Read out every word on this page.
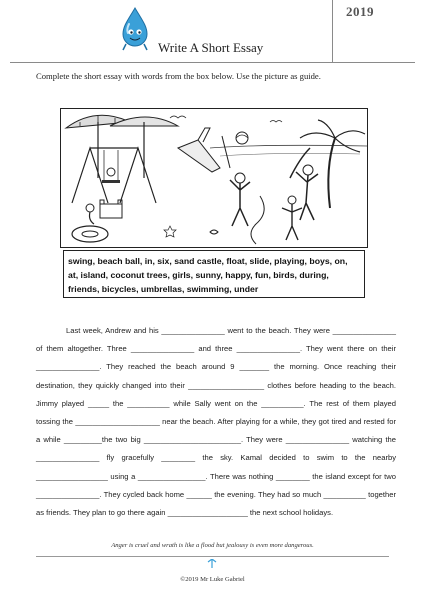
2019
Write A Short Essay
Complete the short essay with words from the box below. Use the picture as guide.

swing, beach ball, in, six, sand castle, float, slide, playing, boys, on, at, island, coconut trees, girls, sunny, happy, fun, birds, during, friends, bicycles, umbrellas, swimming, under

Last week, Andrew and his _______________ went to the beach. They were _______________ of them altogether. Three _______________ and three _______________. They went there on their _______________. They reached the beach around 9 _______ the morning. Once reaching their destination, they quickly changed into their __________________ clothes before heading to the beach. Jimmy played _____ the __________ while Sally went on the __________. The rest of them played tossing the ____________________ near the beach. After playing for a while, they got tired and rested for a while _________the two big _______________________. They were _______________ watching the _______________ fly gracefully ________ the sky. Kamal decided to swim to the nearby _________________ using a ________________. There was nothing ________ the island except for two _______________. They cycled back home ______ the evening. They had so much __________ together as friends. They plan to go there again ___________________ the next school holidays.

Anger is cruel and wrath is like a flood but jealousy is even more dangerous.
©2019 Mr Luke Gabriel
